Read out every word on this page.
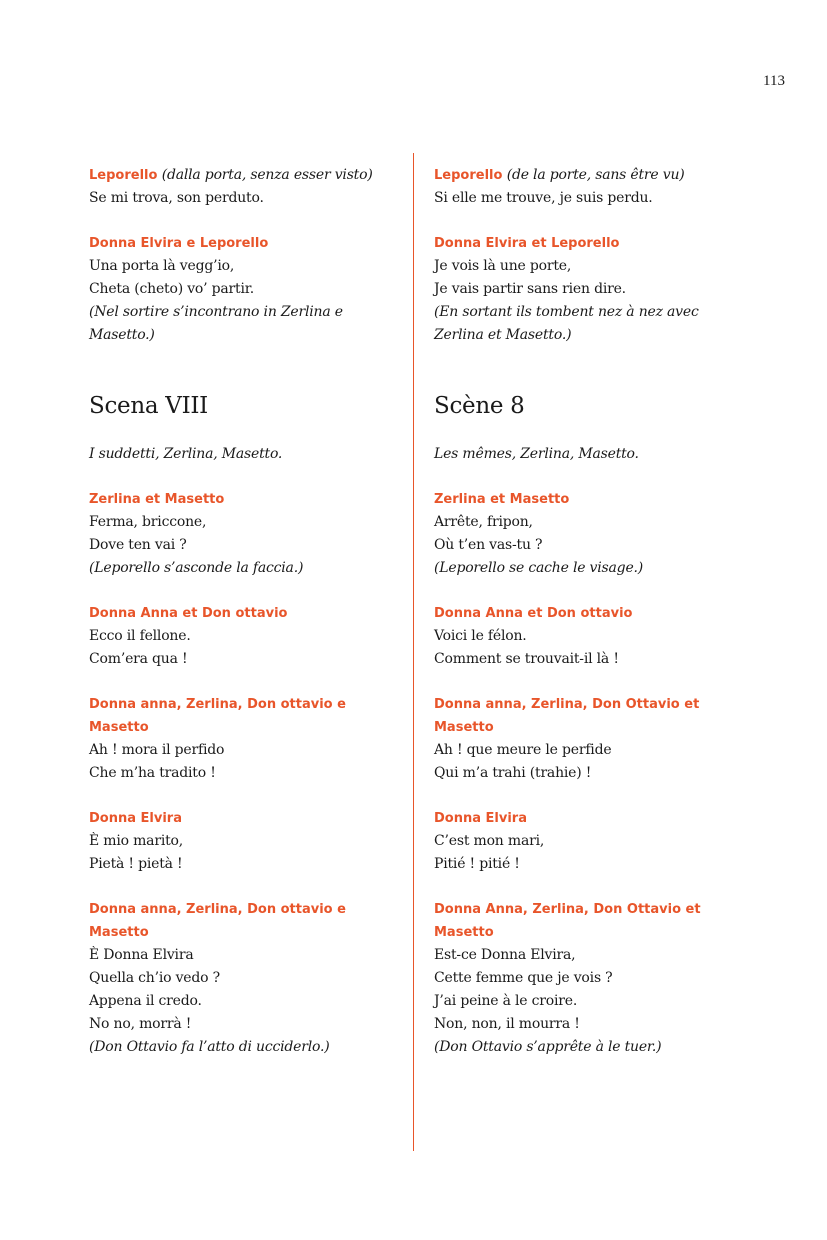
113
Leporello (dalla porta, senza esser visto)
Se mi trova, son perduto.
Donna Elvira e Leporello
Una porta là vegg’io,
Cheta (cheto) vo’ partir.
(Nel sortire s’incontrano in Zerlina e
Masetto.)
Scena VIII
I suddetti, Zerlina, Masetto.
Zerlina et Masetto
Ferma, briccone,
Dove ten vai ?
(Leporello s’asconde la faccia.)
Donna Anna et Don ottavio
Ecco il fellone.
Com’era qua !
Donna anna, Zerlina, Don ottavio e Masetto
Ah ! mora il perfido
Che m’ha tradito !
Donna Elvira
È mio marito,
Pietà ! pietà !
Donna anna, Zerlina, Don ottavio e Masetto
È Donna Elvira
Quella ch’io vedo ?
Appena il credo.
No no, morrà !
(Don Ottavio fa l’atto di ucciderlo.)
Leporello (de la porte, sans être vu)
Si elle me trouve, je suis perdu.
Donna Elvira et Leporello
Je vois là une porte,
Je vais partir sans rien dire.
(En sortant ils tombent nez à nez avec
Zerlina et Masetto.)
Scène 8
Les mêmes, Zerlina, Masetto.
Zerlina et Masetto
Arrête, fripon,
Où t’en vas-tu ?
(Leporello se cache le visage.)
Donna Anna et Don ottavio
Voici le félon.
Comment se trouvait-il là !
Donna anna, Zerlina, Don Ottavio et Masetto
Ah ! que meure le perfide
Qui m’a trahi (trahie) !
Donna Elvira
C’est mon mari,
Pitié ! pitié !
Donna Anna, Zerlina, Don Ottavio et Masetto
Est-ce Donna Elvira,
Cette femme que je vois ?
J’ai peine à le croire.
Non, non, il mourra !
(Don Ottavio s’apprête à le tuer.)
